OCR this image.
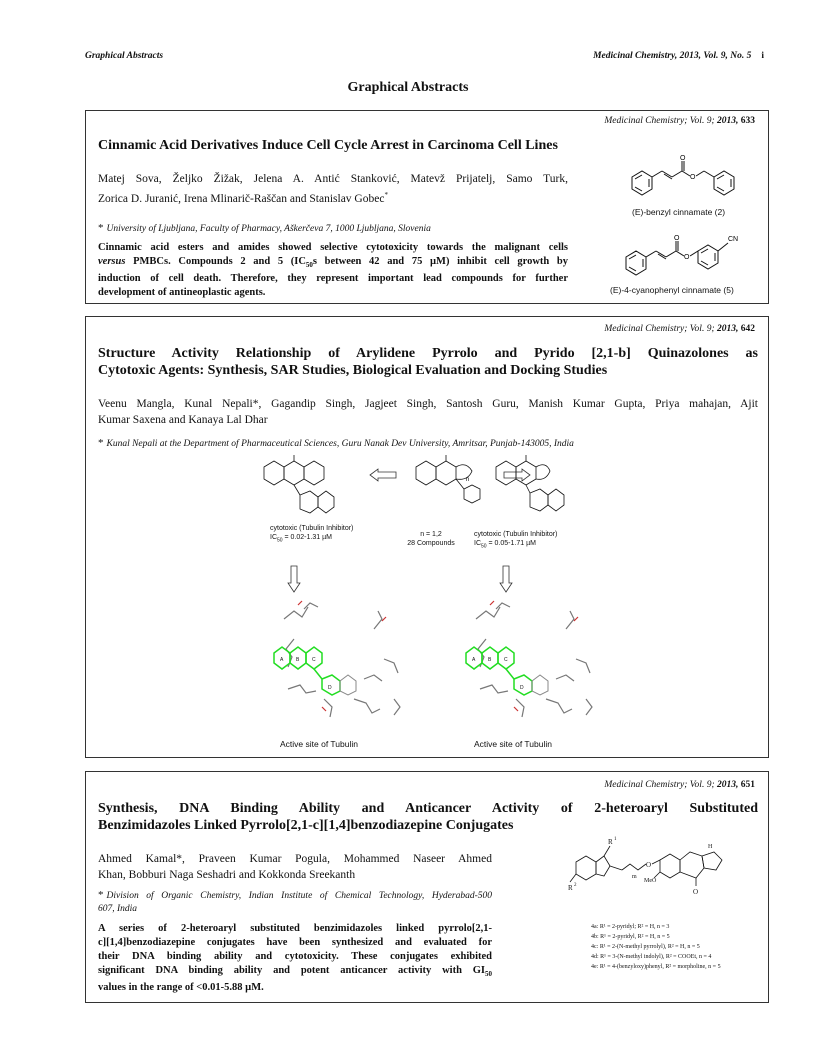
Graphical Abstracts	Medicinal Chemistry, 2013, Vol. 9, No. 5 i
Graphical Abstracts
Medicinal Chemistry; Vol. 9; 2013, 633
Cinnamic Acid Derivatives Induce Cell Cycle Arrest in Carcinoma Cell Lines
Matej Sova, Željko Žižak, Jelena A. Antić Stanković, Matevž Prijatelj, Samo Turk,
Zorica D. Juranić, Irena Mlinarič-Raščan and Stanislav Gobec*
* University of Ljubljana, Faculty of Pharmacy, Aškerčeva 7, 1000 Ljubljana, Slovenia
Cinnamic acid esters and amides showed selective cytotoxicity towards the malignant cells
versus PMBCs. Compounds 2 and 5 ($IC_{50}s$ between 42 and 75 µM) inhibit cell growth by
induction of cell death. Therefore, they represent important lead compounds for further
development of antineoplastic agents.
O
O
(E)-benzyl cinnamate (2)
O
O
CN
(E)-4-cyanophenyl cinnamate (5)
Medicinal Chemistry; Vol. 9; 2013, 642
Structure Activity Relationship of Arylidene Pyrrolo and Pyrido [2,1-b] Quinazolones as
Cytotoxic Agents: Synthesis, SAR Studies, Biological Evaluation and Docking Studies
Veenu Mangla, Kunal Nepali*, Gagandip Singh, Jagjeet Singh, Santosh Guru, Manish Kumar Gupta, Priya mahajan, Ajit
Kumar Saxena and Kanaya Lal Dhar
* Kunal Nepali at the Department of Pharmaceutical Sciences, Guru Nanak Dev University, Amritsar, Punjab-143005, India
n
cytotoxic (Tubulin Inhibitor)
$IC_{50} = 0.02-1.31$ µM	n = 1,2
28 Compounds
cytotoxic (Tubulin Inhibitor)
$IC_{50} = 0.05-1.71$ µM
A	B	C
D
A	B	C
D
Active site of Tubulin	Active site of Tubulin
Medicinal Chemistry; Vol. 9; 2013, 651
Synthesis, DNA Binding Ability and Anticancer Activity of 2-heteroaryl Substituted
Benzimidazoles Linked Pyrrolo[2,1-c][1,4]benzodiazepine Conjugates
Ahmed Kamal*, Praveen Kumar Pogula, Mohammed Naseer Ahmed
Khan, Bobburi Naga Seshadri and Kokkonda Sreekanth
* Division of Organic Chemistry, Indian Institute of Chemical Technology, Hyderabad-500
607, India
A series of 2-heteroaryl substituted benzimidazoles linked pyrrolo[2,1-
c][1,4]benzodiazepine conjugates have been synthesized and evaluated for
their DNA binding ability and cytotoxicity. These conjugates exhibited
significant DNA binding ability and potent anticancer activity with $GI_{50}$
values in the range of <0.01-5.88 µM.
R 1
O
m
MeO
O
H
R 2
4a: R¹ = 2-pyridyl; R² = H, n = 3
4b: R¹ = 2-pyridyl, R² = H, n = 5
4c: R¹ = 2-(N-methyl pyrrolyl), R² = H, n = 5
4d: R¹ = 3-(N-methyl indolyl), R² = COOEt, n = 4
4e: R¹ = 4-(benzyloxy)phenyl, R² = morpholine, n = 5
